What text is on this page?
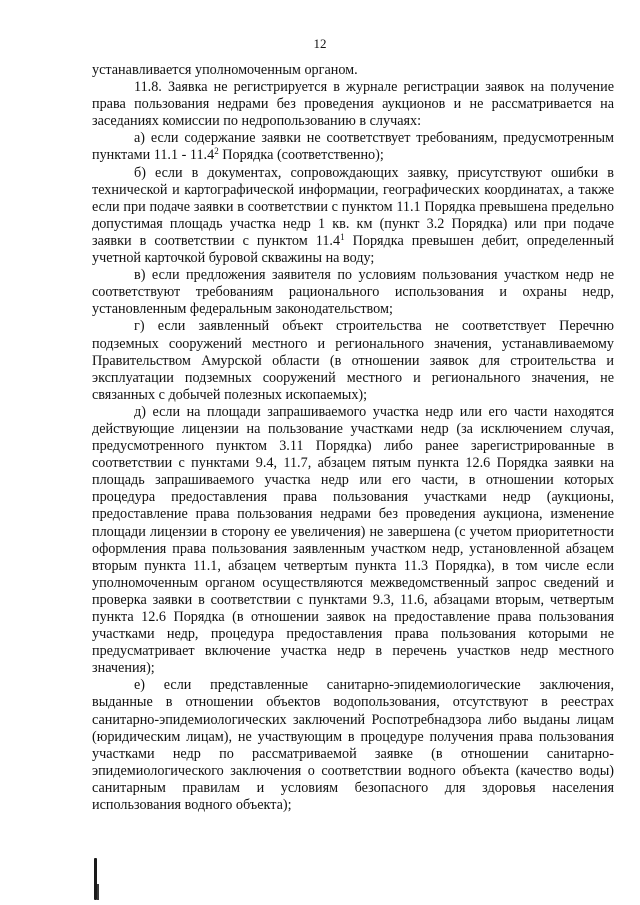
12

устанавливается уполномоченным органом.

11.8. Заявка не регистрируется в журнале регистрации заявок на получение права пользования недрами без проведения аукционов и не рассматривается на заседаниях комиссии по недропользованию в случаях:

а) если содержание заявки не соответствует требованиям, предусмотренным пунктами 11.1 - 11.4$^2$ Порядка (соответственно);

б) если в документах, сопровождающих заявку, присутствуют ошибки в технической и картографической информации, географических координатах, а также если при подаче заявки в соответствии с пунктом 11.1 Порядка превышена предельно допустимая площадь участка недр 1 кв. км (пункт 3.2 Порядка) или при подаче заявки в соответствии с пунктом 11.4$^1$ Порядка превышен дебит, определенный учетной карточкой буровой скважины на воду;

в) если предложения заявителя по условиям пользования участком недр не соответствуют требованиям рационального использования и охраны недр, установленным федеральным законодательством;

г) если заявленный объект строительства не соответствует Перечню подземных сооружений местного и регионального значения, устанавливаемому Правительством Амурской области (в отношении заявок для строительства и эксплуатации подземных сооружений местного и регионального значения, не связанных с добычей полезных ископаемых);

д) если на площади запрашиваемого участка недр или его части находятся действующие лицензии на пользование участками недр (за исключением случая, предусмотренного пунктом 3.11 Порядка) либо ранее зарегистрированные в соответствии с пунктами 9.4, 11.7, абзацем пятым пункта 12.6 Порядка заявки на площадь запрашиваемого участка недр или его части, в отношении которых процедура предоставления права пользования участками недр (аукционы, предоставление права пользования недрами без проведения аукциона, изменение площади лицензии в сторону ее увеличения) не завершена (с учетом приоритетности оформления права пользования заявленным участком недр, установленной абзацем вторым пункта 11.1, абзацем четвертым пункта 11.3 Порядка), в том числе если уполномоченным органом осуществляются межведомственный запрос сведений и проверка заявки в соответствии с пунктами 9.3, 11.6, абзацами вторым, четвертым пункта 12.6 Порядка (в отношении заявок на предоставление права пользования участками недр, процедура предоставления права пользования которыми не предусматривает включение участка недр в перечень участков недр местного значения);

е) если представленные санитарно-эпидемиологические заключения, выданные в отношении объектов водопользования, отсутствуют в реестрах санитарно-эпидемиологических заключений Роспотребнадзора либо выданы лицам (юридическим лицам), не участвующим в процедуре получения права пользования участками недр по рассматриваемой заявке (в отношении санитарно-эпидемиологического заключения о соответствии водного объекта (качество воды) санитарным правилам и условиям безопасного для здоровья населения использования водного объекта);
